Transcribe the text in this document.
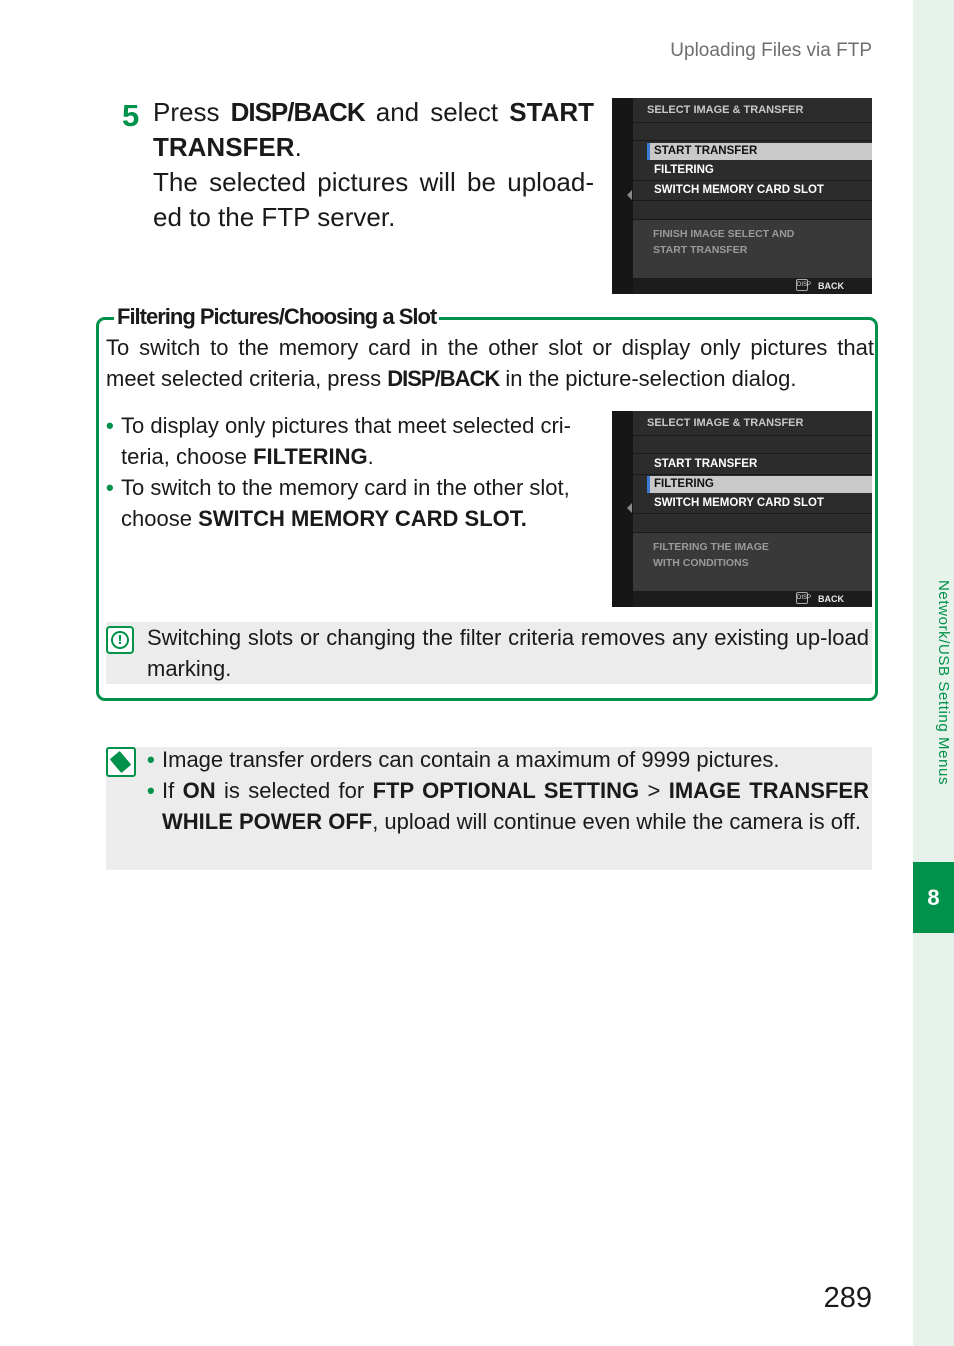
Uploading Files via FTP
Network/USB Setting Menus
8
5 Press DISP/BACK and select START TRANSFER.
The selected pictures will be upload-ed to the FTP server.
SELECT IMAGE & TRANSFER
START TRANSFER
FILTERING
SWITCH MEMORY CARD SLOT
FINISH IMAGE SELECT AND
START TRANSFER
DISP BACK
Filtering Pictures/Choosing a Slot
To switch to the memory card in the other slot or display only pictures that meet selected criteria, press DISP/BACK in the picture-selection dialog.
• To display only pictures that meet selected cri-teria, choose FILTERING.
• To switch to the memory card in the other slot, choose SWITCH MEMORY CARD SLOT.
SELECT IMAGE & TRANSFER
START TRANSFER
FILTERING
SWITCH MEMORY CARD SLOT
FILTERING THE IMAGE
WITH CONDITIONS
DISP BACK
! Switching slots or changing the filter criteria removes any existing up-load marking.
• Image transfer orders can contain a maximum of 9999 pictures.
• If ON is selected for FTP OPTIONAL SETTING > IMAGE TRANSFER WHILE POWER OFF, upload will continue even while the camera is off.
289
